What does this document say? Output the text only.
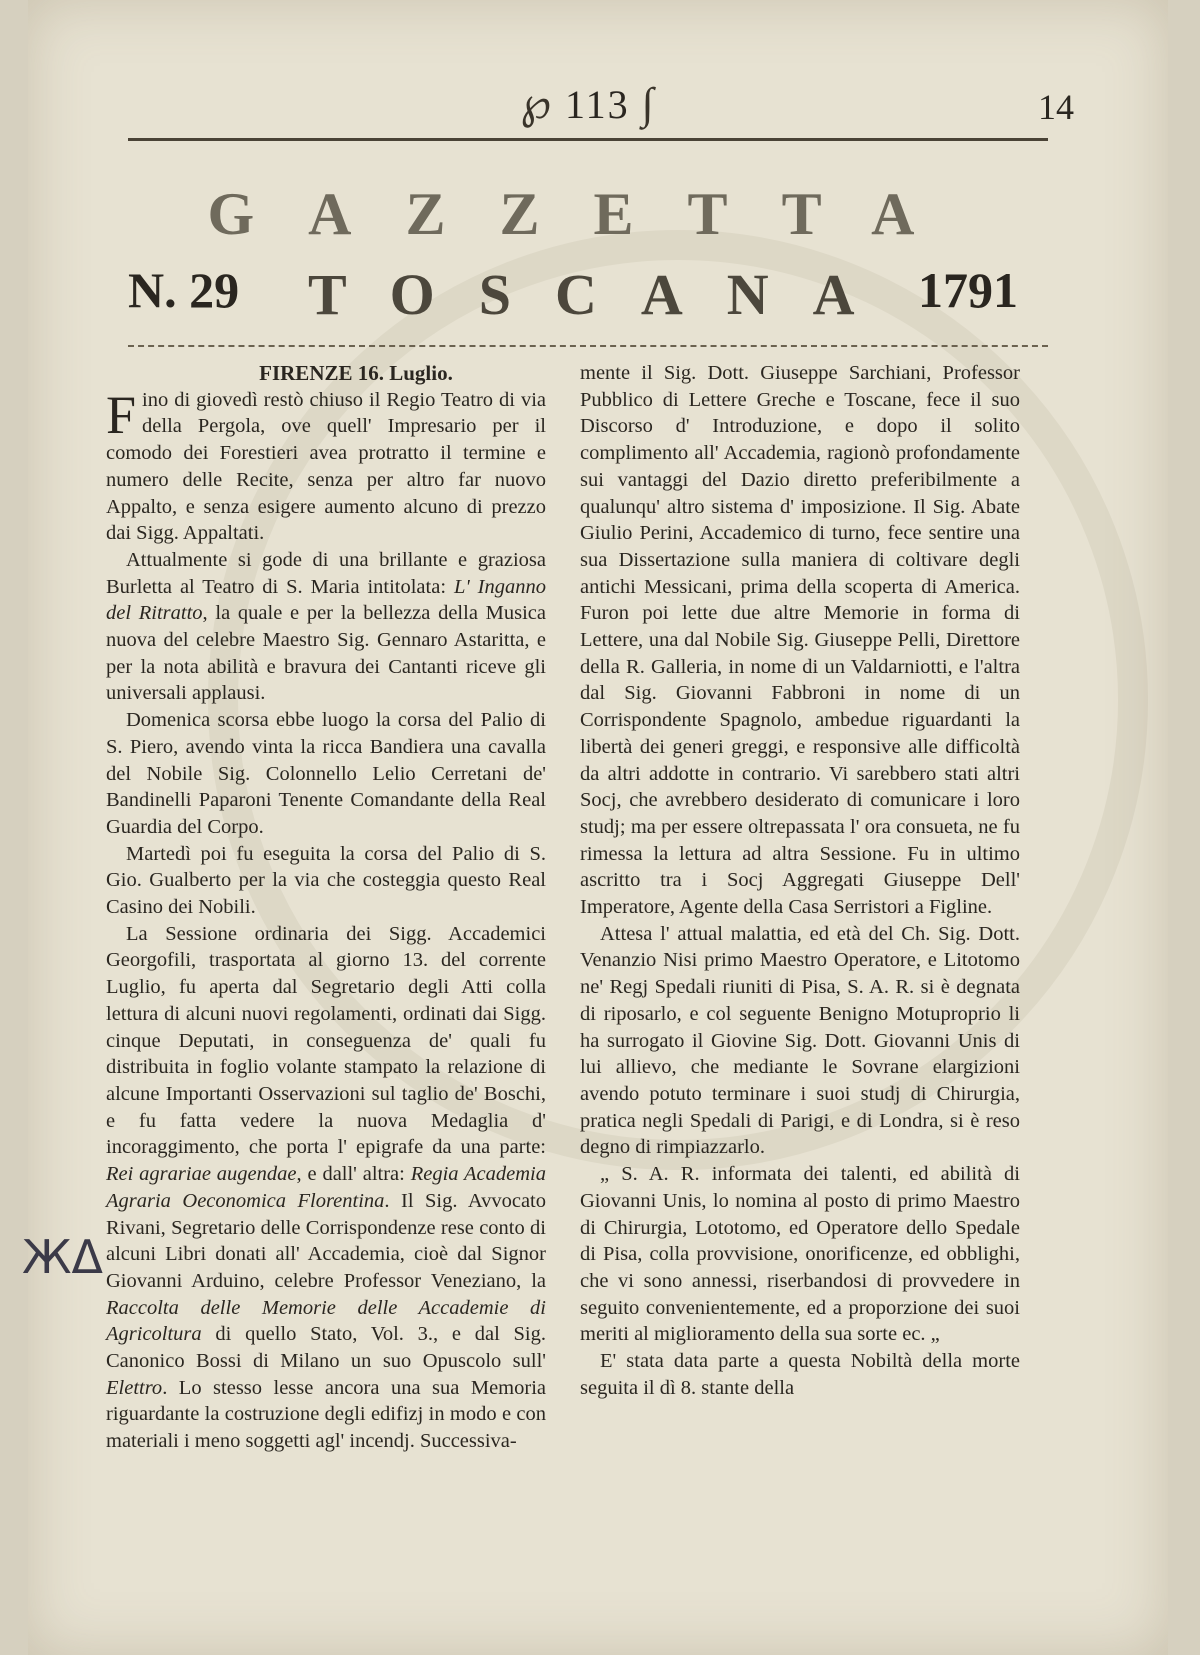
℘ 113 ∫	14
GAZZETTA
N. 29 TOSCANA 1791
FIRENZE 16. Luglio.

Fino di giovedì restò chiuso il Regio Teatro di via della Pergola, ove quell' Impresario per il comodo dei Forestieri avea protratto il termine e numero delle Recite, senza per altro far nuovo Appalto, e senza esigere aumento alcuno di prezzo dai Sigg. Appaltati.

Attualmente si gode di una brillante e graziosa Burletta al Teatro di S. Maria intitolata: L' Inganno del Ritratto, la quale e per la bellezza della Musica nuova del celebre Maestro Sig. Gennaro Astaritta, e per la nota abilità e bravura dei Cantanti riceve gli universali applausi.

Domenica scorsa ebbe luogo la corsa del Palio di S. Piero, avendo vinta la ricca Bandiera una cavalla del Nobile Sig. Colonnello Lelio Cerretani de' Bandinelli Paparoni Tenente Comandante della Real Guardia del Corpo.

Martedì poi fu eseguita la corsa del Palio di S. Gio. Gualberto per la via che costeggia questo Real Casino dei Nobili.

La Sessione ordinaria dei Sigg. Accademici Georgofili, trasportata al giorno 13. del corrente Luglio, fu aperta dal Segretario degli Atti colla lettura di alcuni nuovi regolamenti, ordinati dai Sigg. cinque Deputati, in conseguenza de' quali fu distribuita in foglio volante stampato la relazione di alcune Importanti Osservazioni sul taglio de' Boschi, e fu fatta vedere la nuova Medaglia d' incoraggimento, che porta l' epigrafe da una parte: Rei agrariae augendae, e dall' altra: Regia Academia Agraria Oeconomica Florentina. Il Sig. Avvocato Rivani, Segretario delle Corrispondenze rese conto di alcuni Libri donati all' Accademia, cioè dal Signor Giovanni Arduino, celebre Professor Veneziano, la Raccolta delle Memorie delle Accademie di Agricoltura di quello Stato, Vol. 3., e dal Sig. Canonico Bossi di Milano un suo Opuscolo sull' Elettro. Lo stesso lesse ancora una sua Memoria riguardante la costruzione degli edifizj in modo e con materiali i meno soggetti agl' incendj. Successiva-

mente il Sig. Dott. Giuseppe Sarchiani, Professor Pubblico di Lettere Greche e Toscane, fece il suo Discorso d' Introduzione, e dopo il solito complimento all' Accademia, ragionò profondamente sui vantaggi del Dazio diretto preferibilmente a qualunqu' altro sistema d' imposizione. Il Sig. Abate Giulio Perini, Accademico di turno, fece sentire una sua Dissertazione sulla maniera di coltivare degli antichi Messicani, prima della scoperta di America. Furon poi lette due altre Memorie in forma di Lettere, una dal Nobile Sig. Giuseppe Pelli, Direttore della R. Galleria, in nome di un Valdarniotti, e l'altra dal Sig. Giovanni Fabbroni in nome di un Corrispondente Spagnolo, ambedue riguardanti la libertà dei generi greggi, e responsive alle difficoltà da altri addotte in contrario. Vi sarebbero stati altri Socj, che avrebbero desiderato di comunicare i loro studj; ma per essere oltrepassata l' ora consueta, ne fu rimessa la lettura ad altra Sessione. Fu in ultimo ascritto tra i Socj Aggregati Giuseppe Dell' Imperatore, Agente della Casa Serristori a Figline.

Attesa l' attual malattia, ed età del Ch. Sig. Dott. Venanzio Nisi primo Maestro Operatore, e Litotomo ne' Regj Spedali riuniti di Pisa, S. A. R. si è degnata di riposarlo, e col seguente Benigno Motuproprio li ha surrogato il Giovine Sig. Dott. Giovanni Unis di lui allievo, che mediante le Sovrane elargizioni avendo potuto terminare i suoi studj di Chirurgia, pratica negli Spedali di Parigi, e di Londra, si è reso degno di rimpiazzarlo.

„ S. A. R. informata dei talenti, ed abilità di Giovanni Unis, lo nomina al posto di primo Maestro di Chirurgia, Lototomo, ed Operatore dello Spedale di Pisa, colla provvisione, onorificenze, ed obblighi, che vi sono annessi, riserbandosi di provvedere in seguito convenientemente, ed a proporzione dei suoi meriti al miglioramento della sua sorte ec. „

E' stata data parte a questa Nobiltà della morte seguita il dì 8. stante della

ЖΔ
